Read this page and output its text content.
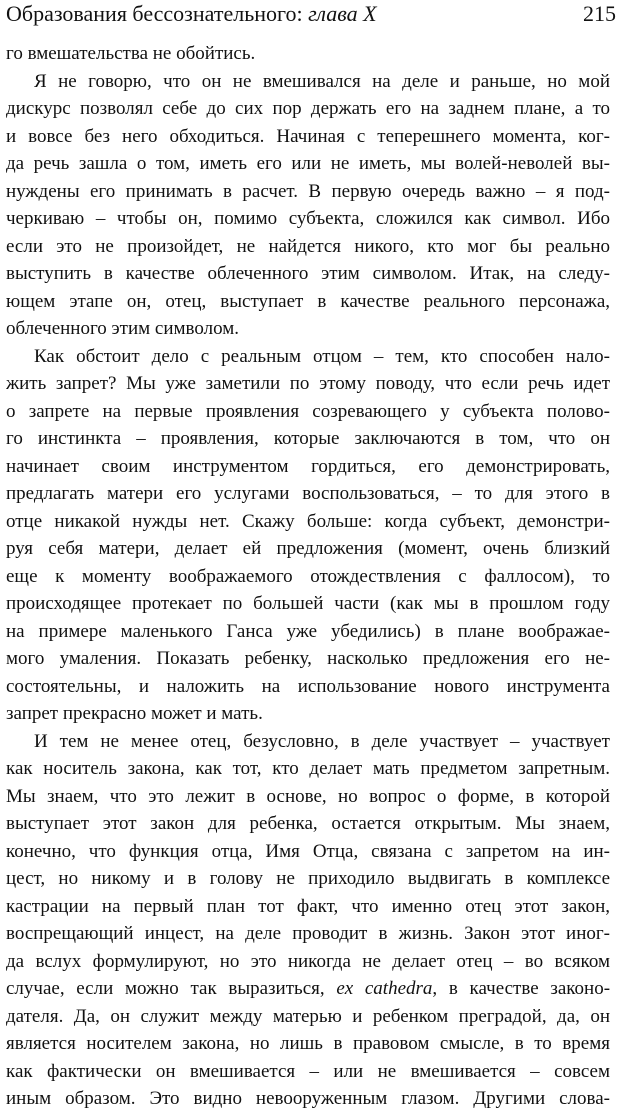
Образования бессознательного: глава X	215
го вмешательства не обойтись.
Я не говорю, что он не вмешивался на деле и раньше, но мой
дискурс позволял себе до сих пор держать его на заднем плане, а то
и вовсе без него обходиться. Начиная с теперешнего момента, ког-
да речь зашла о том, иметь его или не иметь, мы волей-неволей вы-
нуждены его принимать в расчет. В первую очередь важно – я под-
черкиваю – чтобы он, помимо субъекта, сложился как символ. Ибо
если это не произойдет, не найдется никого, кто мог бы реально
выступить в качестве облеченного этим символом. Итак, на следу-
ющем этапе он, отец, выступает в качестве реального персонажа,
облеченного этим символом.
Как обстоит дело с реальным отцом – тем, кто способен нало-
жить запрет? Мы уже заметили по этому поводу, что если речь идет
о запрете на первые проявления созревающего у субъекта полово-
го инстинкта – проявления, которые заключаются в том, что он
начинает своим инструментом гордиться, его демонстрировать,
предлагать матери его услугами воспользоваться, – то для этого в
отце никакой нужды нет. Скажу больше: когда субъект, демонстри-
руя себя матери, делает ей предложения (момент, очень близкий
еще к моменту воображаемого отождествления с фаллосом), то
происходящее протекает по большей части (как мы в прошлом году
на примере маленького Ганса уже убедились) в плане воображае-
мого умаления. Показать ребенку, насколько предложения его не-
состоятельны, и наложить на использование нового инструмента
запрет прекрасно может и мать.
И тем не менее отец, безусловно, в деле участвует – участвует
как носитель закона, как тот, кто делает мать предметом запретным.
Мы знаем, что это лежит в основе, но вопрос о форме, в которой
выступает этот закон для ребенка, остается открытым. Мы знаем,
конечно, что функция отца, Имя Отца, связана с запретом на ин-
цест, но никому и в голову не приходило выдвигать в комплексе
кастрации на первый план тот факт, что именно отец этот закон,
воспрещающий инцест, на деле проводит в жизнь. Закон этот иног-
да вслух формулируют, но это никогда не делает отец – во всяком
случае, если можно так выразиться, ex cathedra, в качестве законо-
дателя. Да, он служит между матерью и ребенком преградой, да, он
является носителем закона, но лишь в правовом смысле, в то время
как фактически он вмешивается – или не вмешивается – совсем
иным образом. Это видно невооруженным глазом. Другими слова-
